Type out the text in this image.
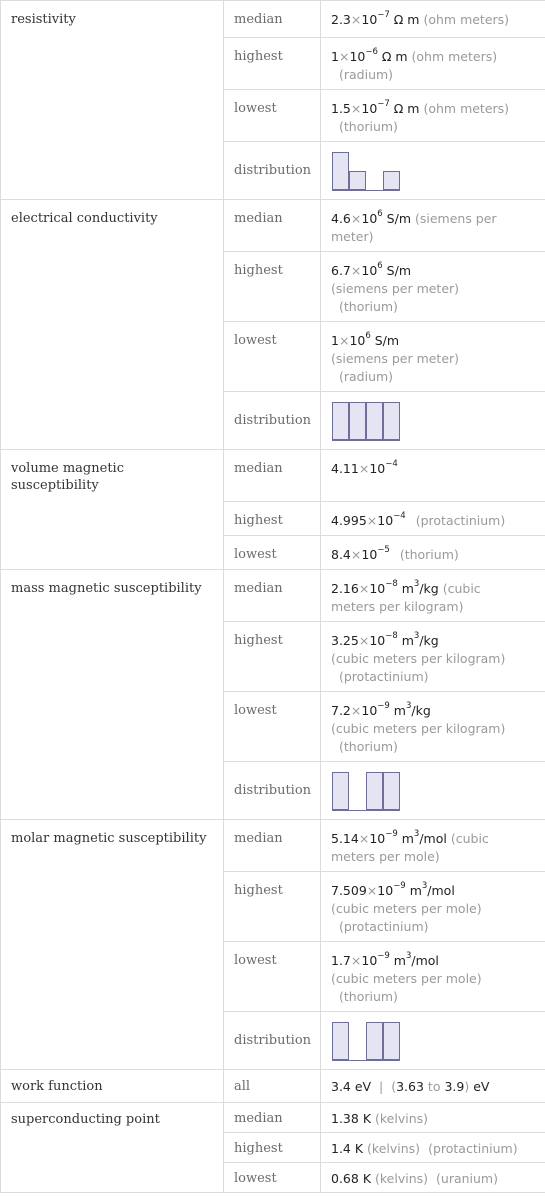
resistivity	median	$2.3\times 10^{-7}$ Ω m (ohm meters)
	highest	$1\times 10^{-6}$ Ω m (ohm meters)
(radium)
	lowest	$1.5\times 10^{-7}$ Ω m (ohm meters)
(thorium)
	distribution	

electrical conductivity	median	$4.6\times 10^6$ S/m (siemens per
meter)
	highest	$6.7\times 10^6$ S/m
(siemens per meter)
(thorium)
	lowest	$1\times 10^6$ S/m
(siemens per meter)
(radium)
	distribution	

volume magnetic susceptibility	median	$4.11\times 10^{-4}$
	highest	$4.995\times 10^{-4}$ (protactinium)
	lowest	$8.4\times 10^{-5}$ (thorium)
mass magnetic susceptibility	median	$2.16\times 10^{-8}$ $m^3/kg$ (cubic
meters per kilogram)
	highest	$3.25\times 10^{-8}$ $m^3/kg$
(cubic meters per kilogram)
(protactinium)
	lowest	$7.2\times 10^{-9}$ $m^3/kg$
(cubic meters per kilogram)
(thorium)
	distribution	

molar magnetic susceptibility	median	$5.14\times 10^{-9}$ $m^3$/mol (cubic
meters per mole)
	highest	$7.509\times 10^{-9}$ $m^3$/mol
(cubic meters per mole)
(protactinium)
	lowest	$1.7\times 10^{-9}$ $m^3$/mol
(cubic meters per mole)
(thorium)
	distribution	

work function	all	3.4 eV  |  (3.63 to 3.9) eV
superconducting point	median	1.38 K (kelvins)
	highest	1.4 K (kelvins) (protactinium)
	lowest	0.68 K (kelvins) (uranium)
